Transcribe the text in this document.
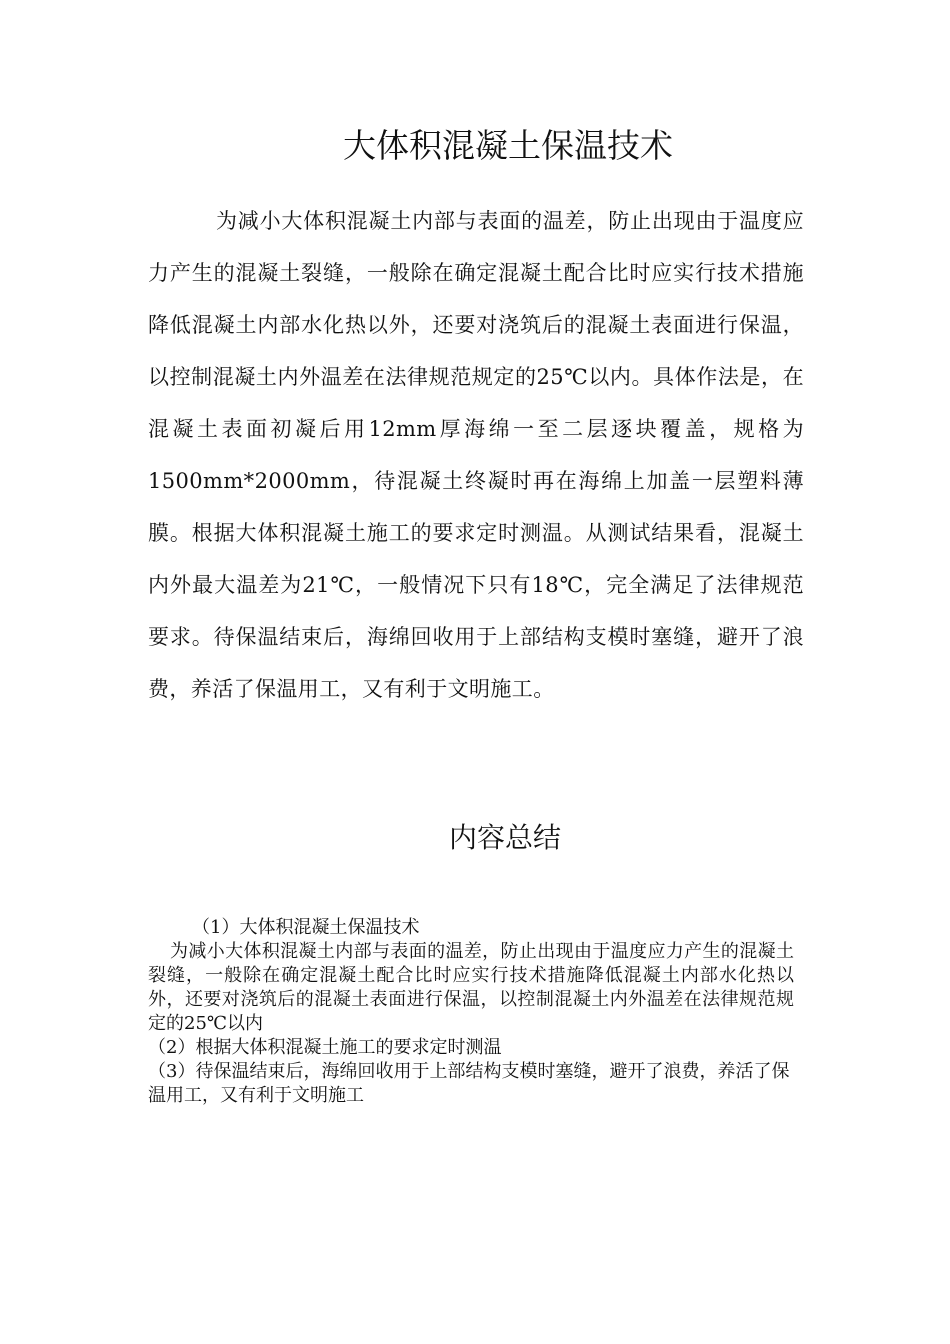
大体积混凝土保温技术

为减小大体积混凝土内部与表面的温差，防止出现由于温度应力产生的混凝土裂缝，一般除在确定混凝土配合比时应实行技术措施降低混凝土内部水化热以外，还要对浇筑后的混凝土表面进行保温，以控制混凝土内外温差在法律规范规定的25℃以内。具体作法是，在混凝土表面初凝后用12mm厚海绵一至二层逐块覆盖，规格为1500mm*2000mm，待混凝土终凝时再在海绵上加盖一层塑料薄膜。根据大体积混凝土施工的要求定时测温。从测试结果看，混凝土内外最大温差为21℃，一般情况下只有18℃，完全满足了法律规范要求。待保温结束后，海绵回收用于上部结构支模时塞缝，避开了浪费，养活了保温用工，又有利于文明施工。

内容总结

（1）大体积混凝土保温技术

为减小大体积混凝土内部与表面的温差，防止出现由于温度应力产生的混凝土裂缝，一般除在确定混凝土配合比时应实行技术措施降低混凝土内部水化热以外，还要对浇筑后的混凝土表面进行保温，以控制混凝土内外温差在法律规范规定的25℃以内

（2）根据大体积混凝土施工的要求定时测温

（3）待保温结束后，海绵回收用于上部结构支模时塞缝，避开了浪费，养活了保温用工，又有利于文明施工
